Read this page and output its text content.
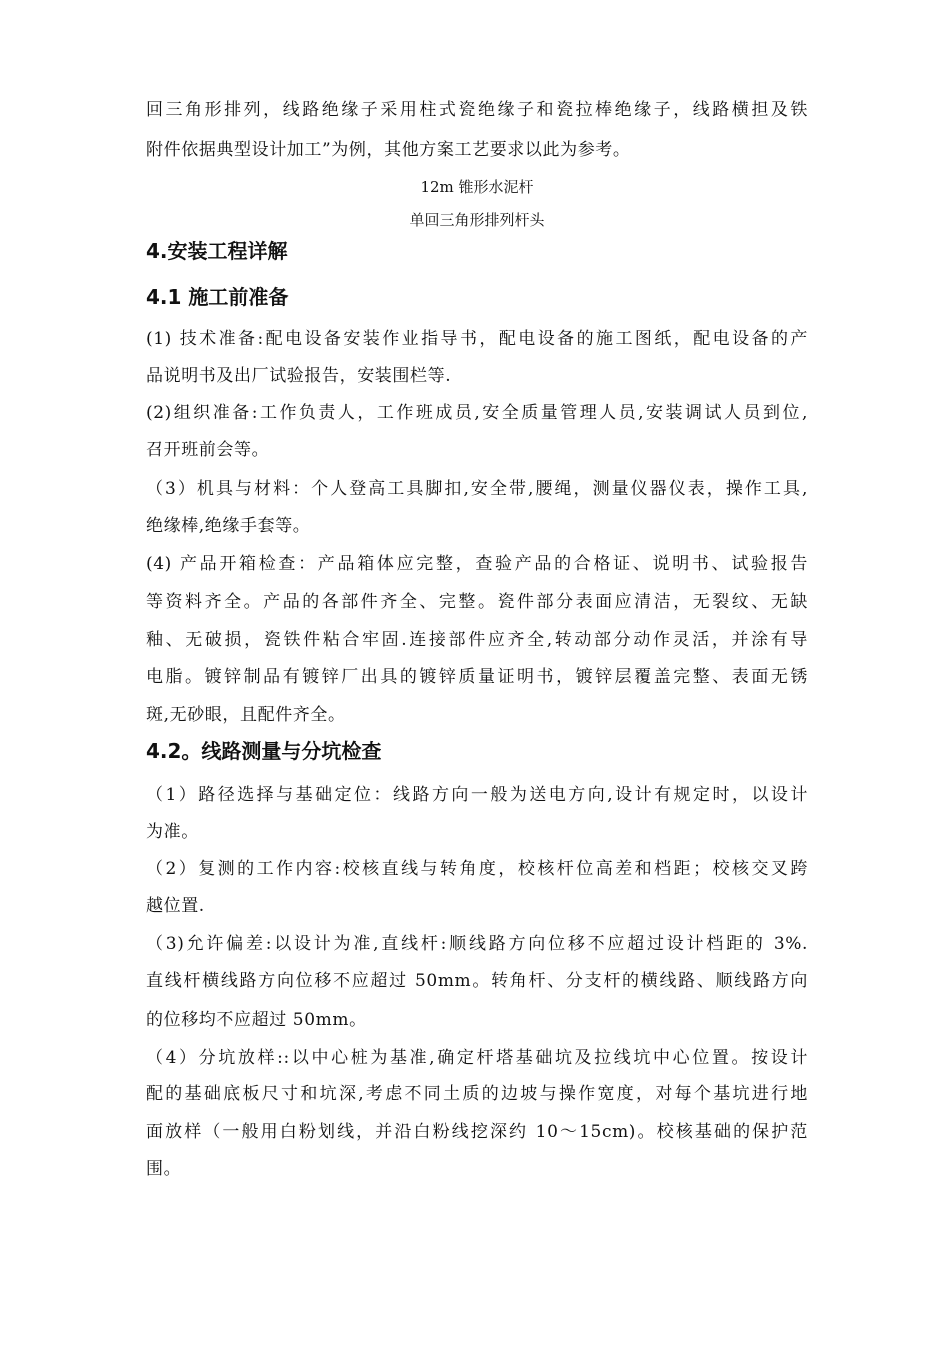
回三角形排列，线路绝缘子采用柱式瓷绝缘子和瓷拉棒绝缘子，线路横担及铁
附件依据典型设计加工”为例，其他方案工艺要求以此为参考。
12m 锥形水泥杆
单回三角形排列杆头
4.安装工程详解
4.1 施工前准备
(1) 技术准备:配电设备安装作业指导书，配电设备的施工图纸，配电设备的产
品说明书及出厂试验报告，安装围栏等.
(2)组织准备:工作负责人，工作班成员,安全质量管理人员,安装调试人员到位,
召开班前会等。
（3）机具与材料：个人登高工具脚扣,安全带,腰绳，测量仪器仪表，操作工具,
绝缘棒,绝缘手套等。
(4) 产品开箱检查：产品箱体应完整，查验产品的合格证、说明书、试验报告
等资料齐全。产品的各部件齐全、完整。瓷件部分表面应清洁，无裂纹、无缺
釉、无破损，瓷铁件粘合牢固.连接部件应齐全,转动部分动作灵活，并涂有导
电脂。镀锌制品有镀锌厂出具的镀锌质量证明书，镀锌层覆盖完整、表面无锈
斑,无砂眼，且配件齐全。
4.2。线路测量与分坑检查
（1）路径选择与基础定位：线路方向一般为送电方向,设计有规定时，以设计
为准。
（2）复测的工作内容:校核直线与转角度，校核杆位高差和档距；校核交叉跨
越位置.
（3)允许偏差:以设计为准,直线杆:顺线路方向位移不应超过设计档距的 3%.
直线杆横线路方向位移不应超过 50mm。转角杆、分支杆的横线路、顺线路方向
的位移均不应超过 50mm。
（4）分坑放样::以中心桩为基准,确定杆塔基础坑及拉线坑中心位置。按设计
配的基础底板尺寸和坑深,考虑不同土质的边坡与操作宽度，对每个基坑进行地
面放样（一般用白粉划线，并沿白粉线挖深约 10～15cm)。校核基础的保护范
围。
